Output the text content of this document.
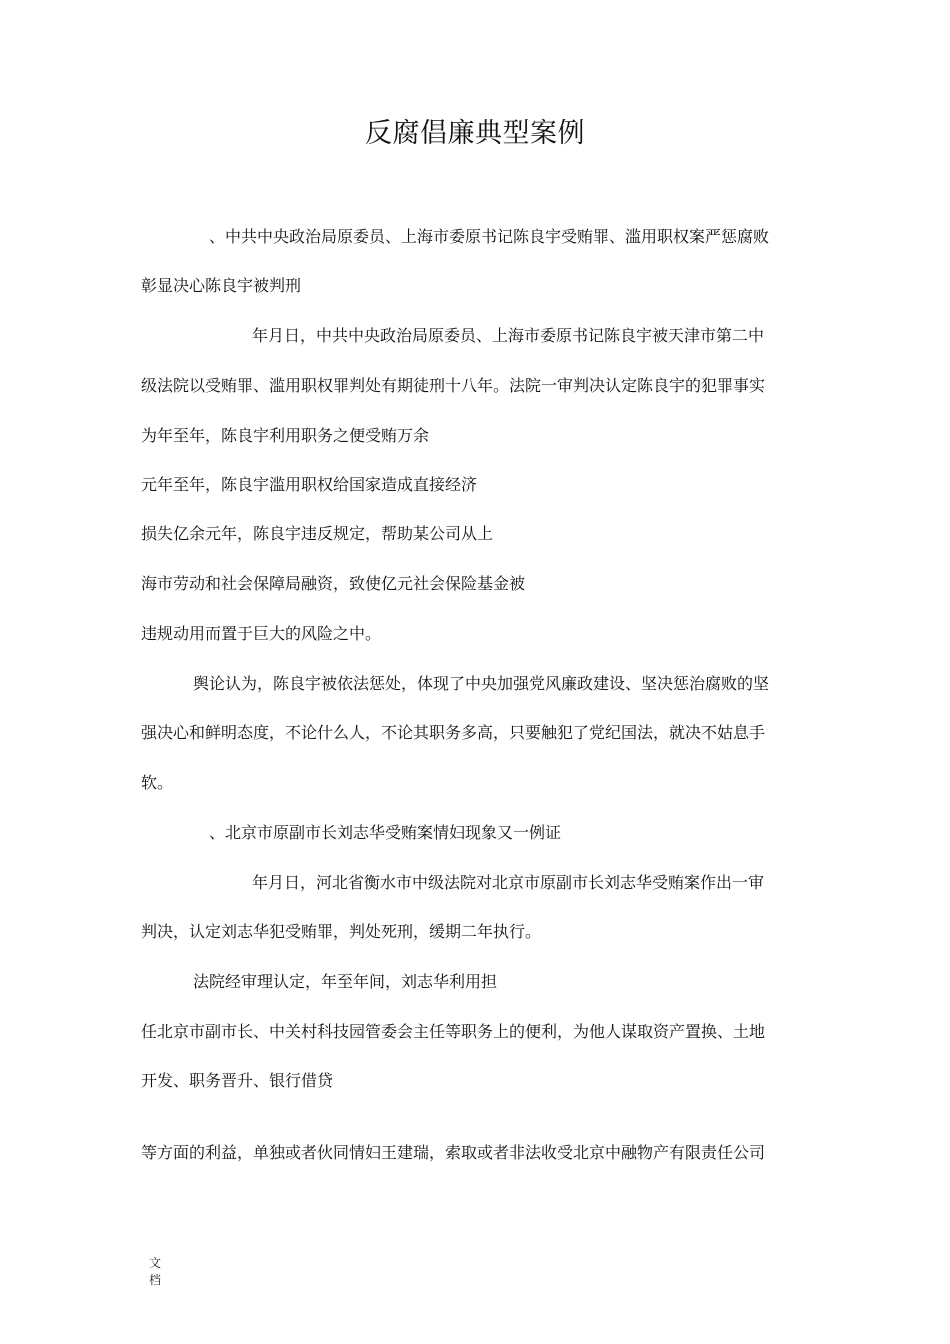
反腐倡廉典型案例

、中共中央政治局原委员、上海市委原书记陈良宇受贿罪、滥用职权案严惩腐败

彰显决心陈良宇被判刑

年月日，中共中央政治局原委员、上海市委原书记陈良宇被天津市第二中

级法院以受贿罪、滥用职权罪判处有期徒刑十八年。法院一审判决认定陈良宇的犯罪事实

为年至年，陈良宇利用职务之便受贿万余

元年至年，陈良宇滥用职权给国家造成直接经济

损失亿余元年，陈良宇违反规定，帮助某公司从上

海市劳动和社会保障局融资，致使亿元社会保险基金被

违规动用而置于巨大的风险之中。

舆论认为，陈良宇被依法惩处，体现了中央加强党风廉政建设、坚决惩治腐败的坚

强决心和鲜明态度，不论什么人，不论其职务多高，只要触犯了党纪国法，就决不姑息手

软。

、北京市原副市长刘志华受贿案情妇现象又一例证

年月日，河北省衡水市中级法院对北京市原副市长刘志华受贿案作出一审

判决，认定刘志华犯受贿罪，判处死刑，缓期二年执行。

法院经审理认定，年至年间，刘志华利用担

任北京市副市长、中关村科技园管委会主任等职务上的便利，为他人谋取资产置换、土地

开发、职务晋升、银行借贷

等方面的利益，单独或者伙同情妇王建瑞，索取或者非法收受北京中融物产有限责任公司

文档
